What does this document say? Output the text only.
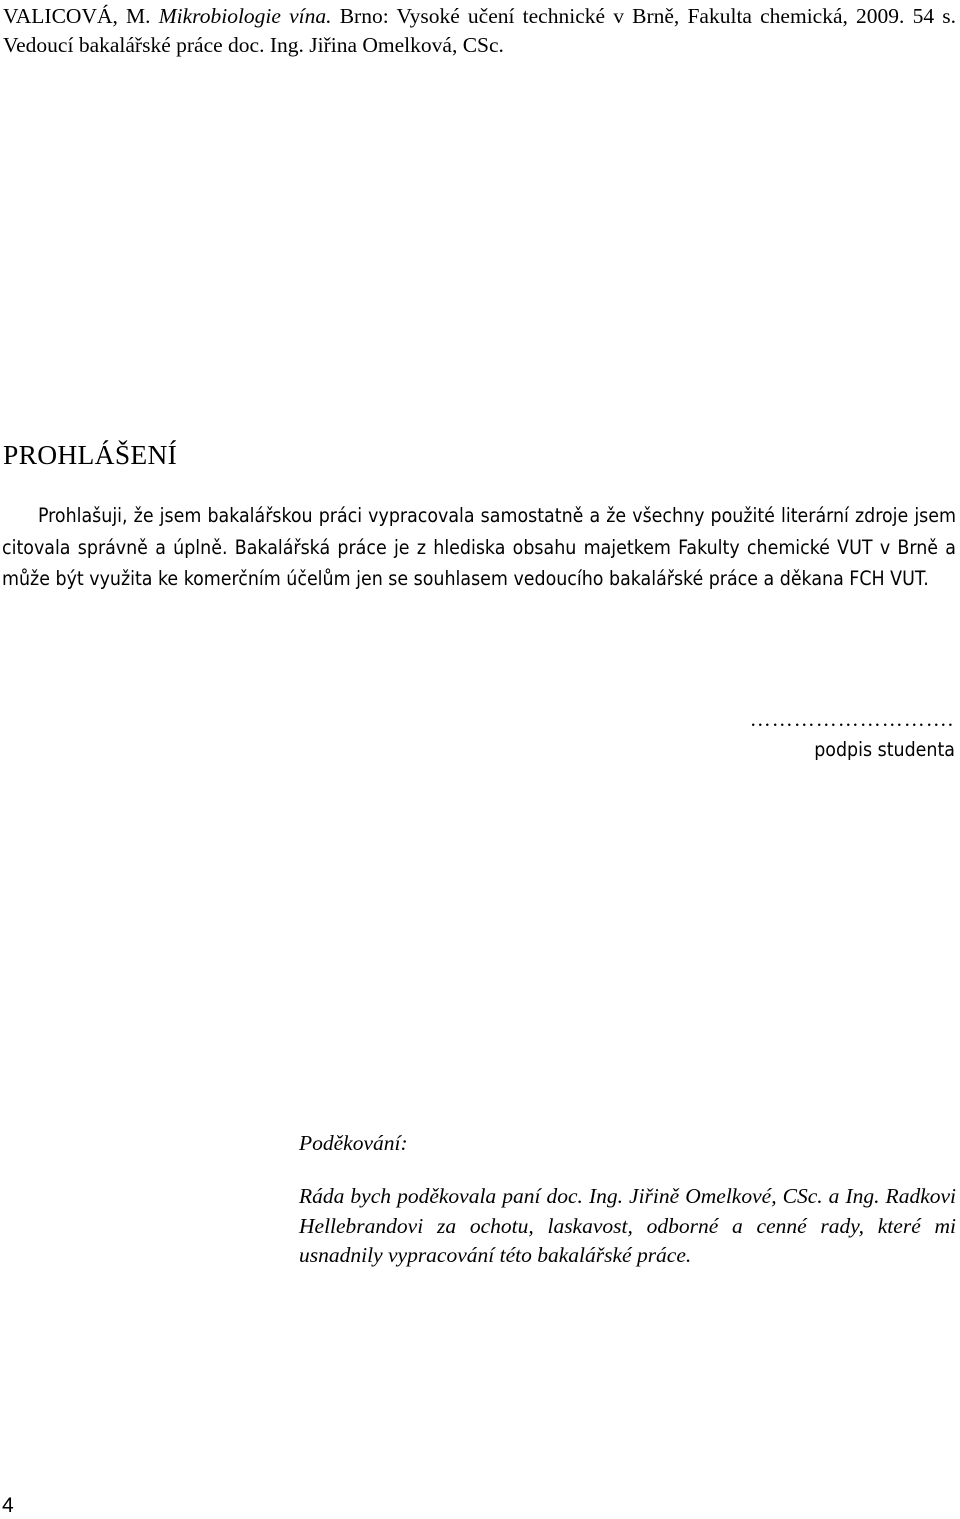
VALICOVÁ, M. Mikrobiologie vína. Brno: Vysoké učení technické v Brně, Fakulta chemická, 2009. 54 s. Vedoucí bakalářské práce doc. Ing. Jiřina Omelková, CSc.
PROHLÁŠENÍ

Prohlašuji, že jsem bakalářskou práci vypracovala samostatně a že všechny použité literární zdroje jsem citovala správně a úplně. Bakalářská práce je z hlediska obsahu majetkem Fakulty chemické VUT v Brně a může být využita ke komerčním účelům jen se souhlasem vedoucího bakalářské práce a děkana FCH VUT.

……………………….
podpis studenta
Poděkování:

Ráda bych poděkovala paní doc. Ing. Jiřině Omelkové, CSc. a Ing. Radkovi Hellebrandovi za ochotu, laskavost, odborné a cenné rady, které mi usnadnily vypracování této bakalářské práce.

4
